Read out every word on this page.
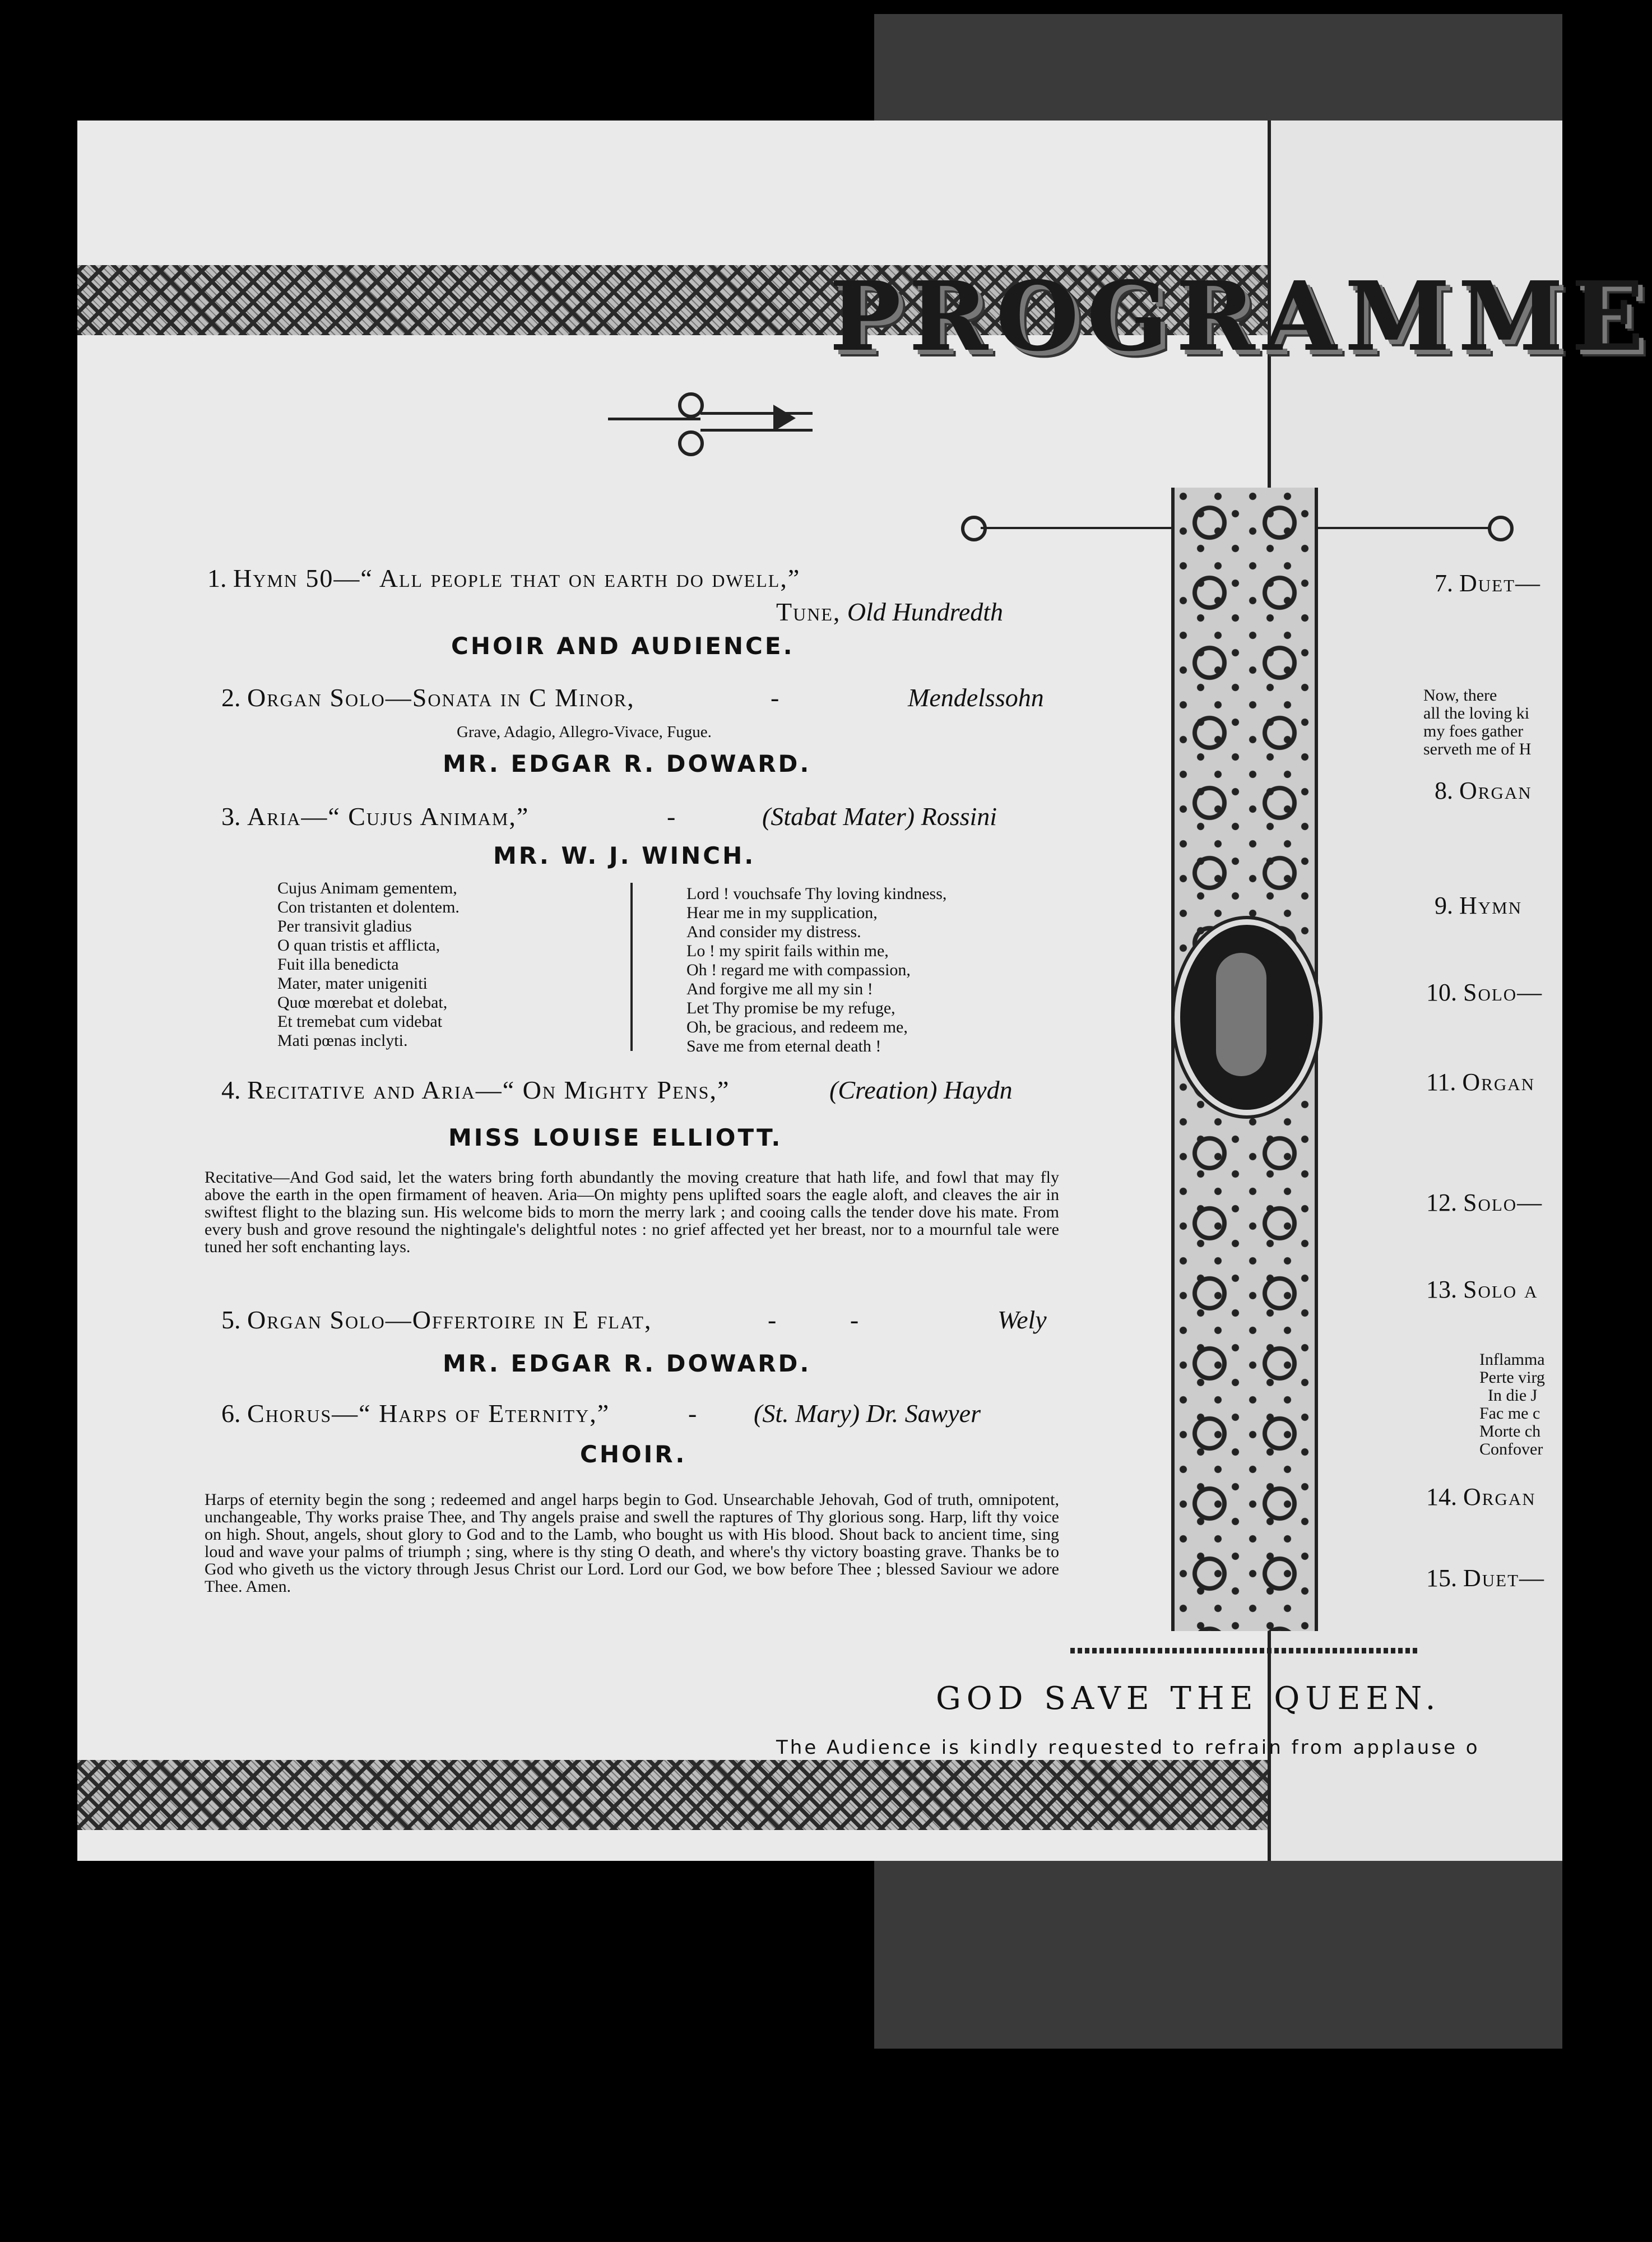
PROGRAMME
1. Hymn 50—“ All people that on earth do dwell,”
Tune, Old Hundredth
CHOIR AND AUDIENCE.
2. Organ Solo—Sonata in C Minor,	-	Mendelssohn
Grave, Adagio, Allegro-Vivace, Fugue.
MR. EDGAR R. DOWARD.
3. Aria—“ Cujus Animam,”	-	(Stabat Mater) Rossini
MR. W. J. WINCH.
Cujus Animam gementem,
Con tristanten et dolentem.
Per transivit gladius
O quan tristis et afflicta,
Fuit illa benedicta
Mater, mater unigeniti
Quœ mœrebat et dolebat,
Et tremebat cum videbat
Mati pœnas inclyti.
Lord ! vouchsafe Thy loving kindness,
Hear me in my supplication,
And consider my distress.
Lo ! my spirit fails within me,
Oh ! regard me with compassion,
And forgive me all my sin !
Let Thy promise be my refuge,
Oh, be gracious, and redeem me,
Save me from eternal death !
4. Recitative and Aria—“ On Mighty Pens,”	(Creation) Haydn
MISS LOUISE ELLIOTT.
Recitative—And God said, let the waters bring forth abundantly the moving creature that hath life, and fowl that may fly above the earth in the open firmament of heaven. Aria—On mighty pens uplifted soars the eagle aloft, and cleaves the air in swiftest flight to the blazing sun. His welcome bids to morn the merry lark ; and cooing calls the tender dove his mate. From every bush and grove resound the nightingale's delightful notes : no grief affected yet her breast, nor to a mournful tale were tuned her soft enchanting lays.
5. Organ Solo—Offertoire in E flat,	- -	Wely
MR. EDGAR R. DOWARD.
6. Chorus—“ Harps of Eternity,”	- (St. Mary) Dr. Sawyer
CHOIR.
Harps of eternity begin the song ; redeemed and angel harps begin to God. Unsearchable Jehovah, God of truth, omnipotent, unchangeable, Thy works praise Thee, and Thy angels praise and swell the raptures of Thy glorious song. Harp, lift thy voice on high. Shout, angels, shout glory to God and to the Lamb, who bought us with His blood. Shout back to ancient time, sing loud and wave your palms of triumph ; sing, where is thy sting O death, and where's thy victory boasting grave. Thanks be to God who giveth us the victory through Jesus Christ our Lord. Lord our God, we bow before Thee ; blessed Saviour we adore Thee. Amen.
7. Duet—
Now, there
all the loving ki
my foes gather
serveth me of H
8. Organ
9. Hymn
10. Solo—
11. Organ
12. Solo—
13. Solo a
Inflamma
Perte virg
In die J
Fac me c
Morte ch
Confover
14. Organ
15. Duet—
GOD SAVE THE QUEEN.
The Audience is kindly requested to refrain from applause o
